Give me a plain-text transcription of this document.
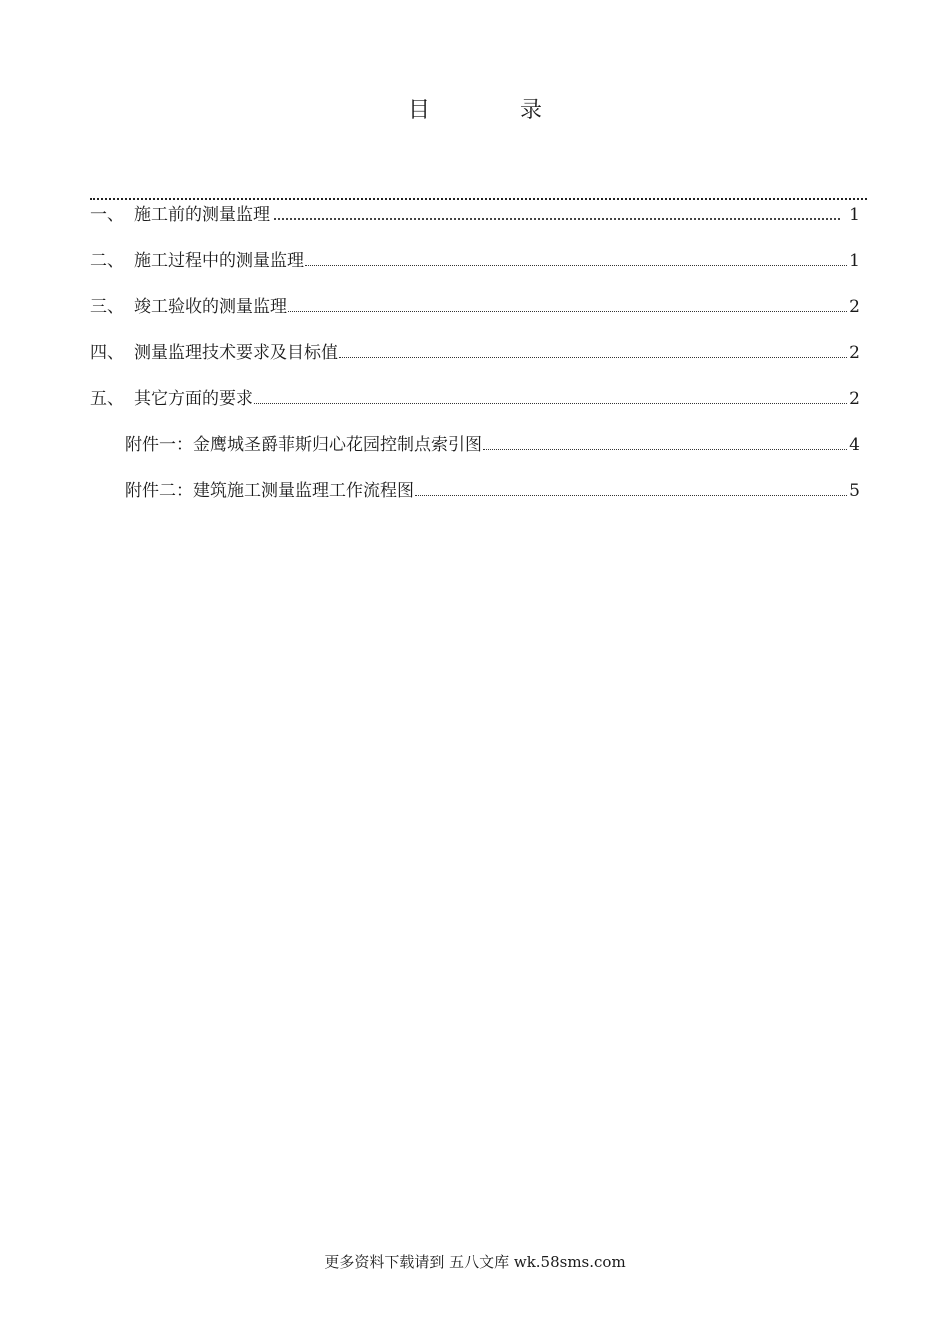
目　录
一、 施工前的测量监理	1
二、 施工过程中的测量监理	1
三、 竣工验收的测量监理	2
四、 测量监理技术要求及目标值	2
五、 其它方面的要求	2
附件一：金鹰城圣爵菲斯归心花园控制点索引图	4
附件二：建筑施工测量监理工作流程图	5
更多资料下载请到 五八文库 wk.58sms.com
